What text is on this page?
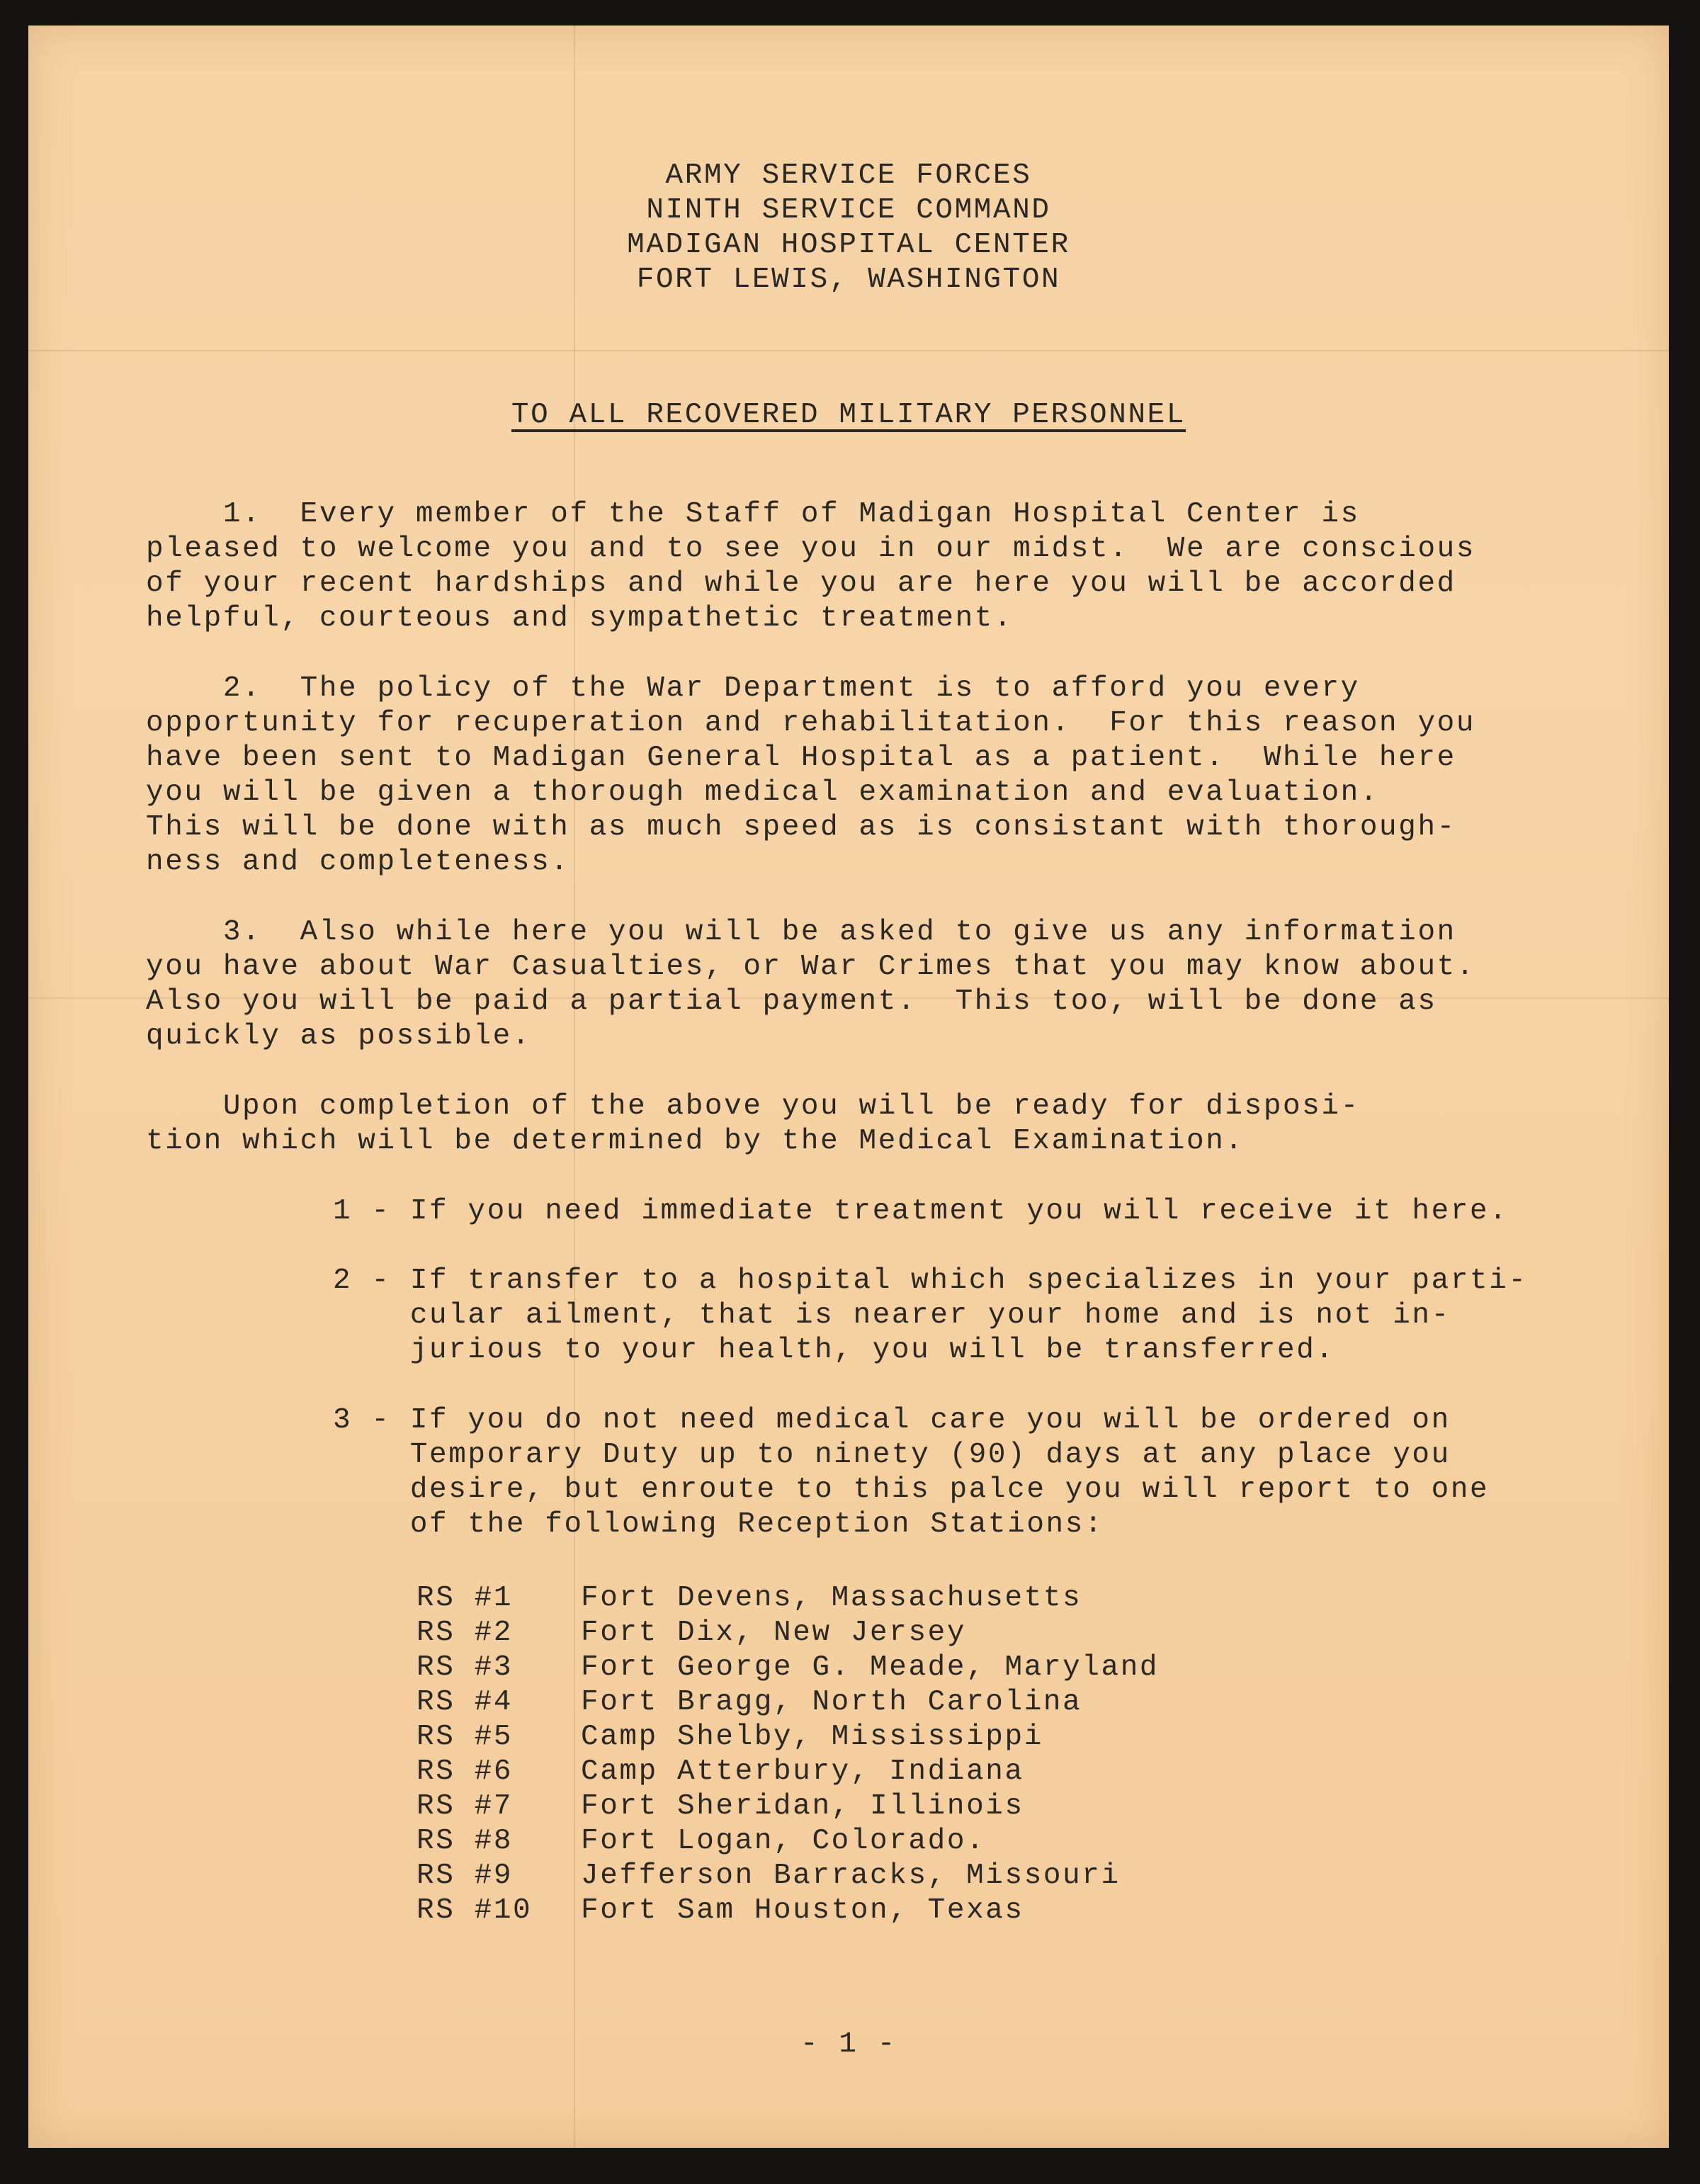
ARMY SERVICE FORCES
NINTH SERVICE COMMAND
MADIGAN HOSPITAL CENTER
FORT LEWIS, WASHINGTON
TO ALL RECOVERED MILITARY PERSONNEL
1.  Every member of the Staff of Madigan Hospital Center is
pleased to welcome you and to see you in our midst.  We are conscious
of your recent hardships and while you are here you will be accorded
helpful, courteous and sympathetic treatment.
2.  The policy of the War Department is to afford you every
opportunity for recuperation and rehabilitation.  For this reason you
have been sent to Madigan General Hospital as a patient.  While here
you will be given a thorough medical examination and evaluation.
This will be done with as much speed as is consistant with thorough-
ness and completeness.
3.  Also while here you will be asked to give us any information
you have about War Casualties, or War Crimes that you may know about.
Also you will be paid a partial payment.  This too, will be done as
quickly as possible.
Upon completion of the above you will be ready for disposi-
tion which will be determined by the Medical Examination.
1 - If you need immediate treatment you will receive it here.
2 - If transfer to a hospital which specializes in your parti-
cular ailment, that is nearer your home and is not in-
jurious to your health, you will be transferred.
3 - If you do not need medical care you will be ordered on
Temporary Duty up to ninety (90) days at any place you
desire, but enroute to this palce you will report to one
of the following Reception Stations:
RS #1 Fort Devens, Massachusetts
RS #2 Fort Dix, New Jersey
RS #3 Fort George G. Meade, Maryland
RS #4 Fort Bragg, North Carolina
RS #5 Camp Shelby, Mississippi
RS #6 Camp Atterbury, Indiana
RS #7 Fort Sheridan, Illinois
RS #8 Fort Logan, Colorado.
RS #9 Jefferson Barracks, Missouri
RS #10 Fort Sam Houston, Texas
- 1 -
